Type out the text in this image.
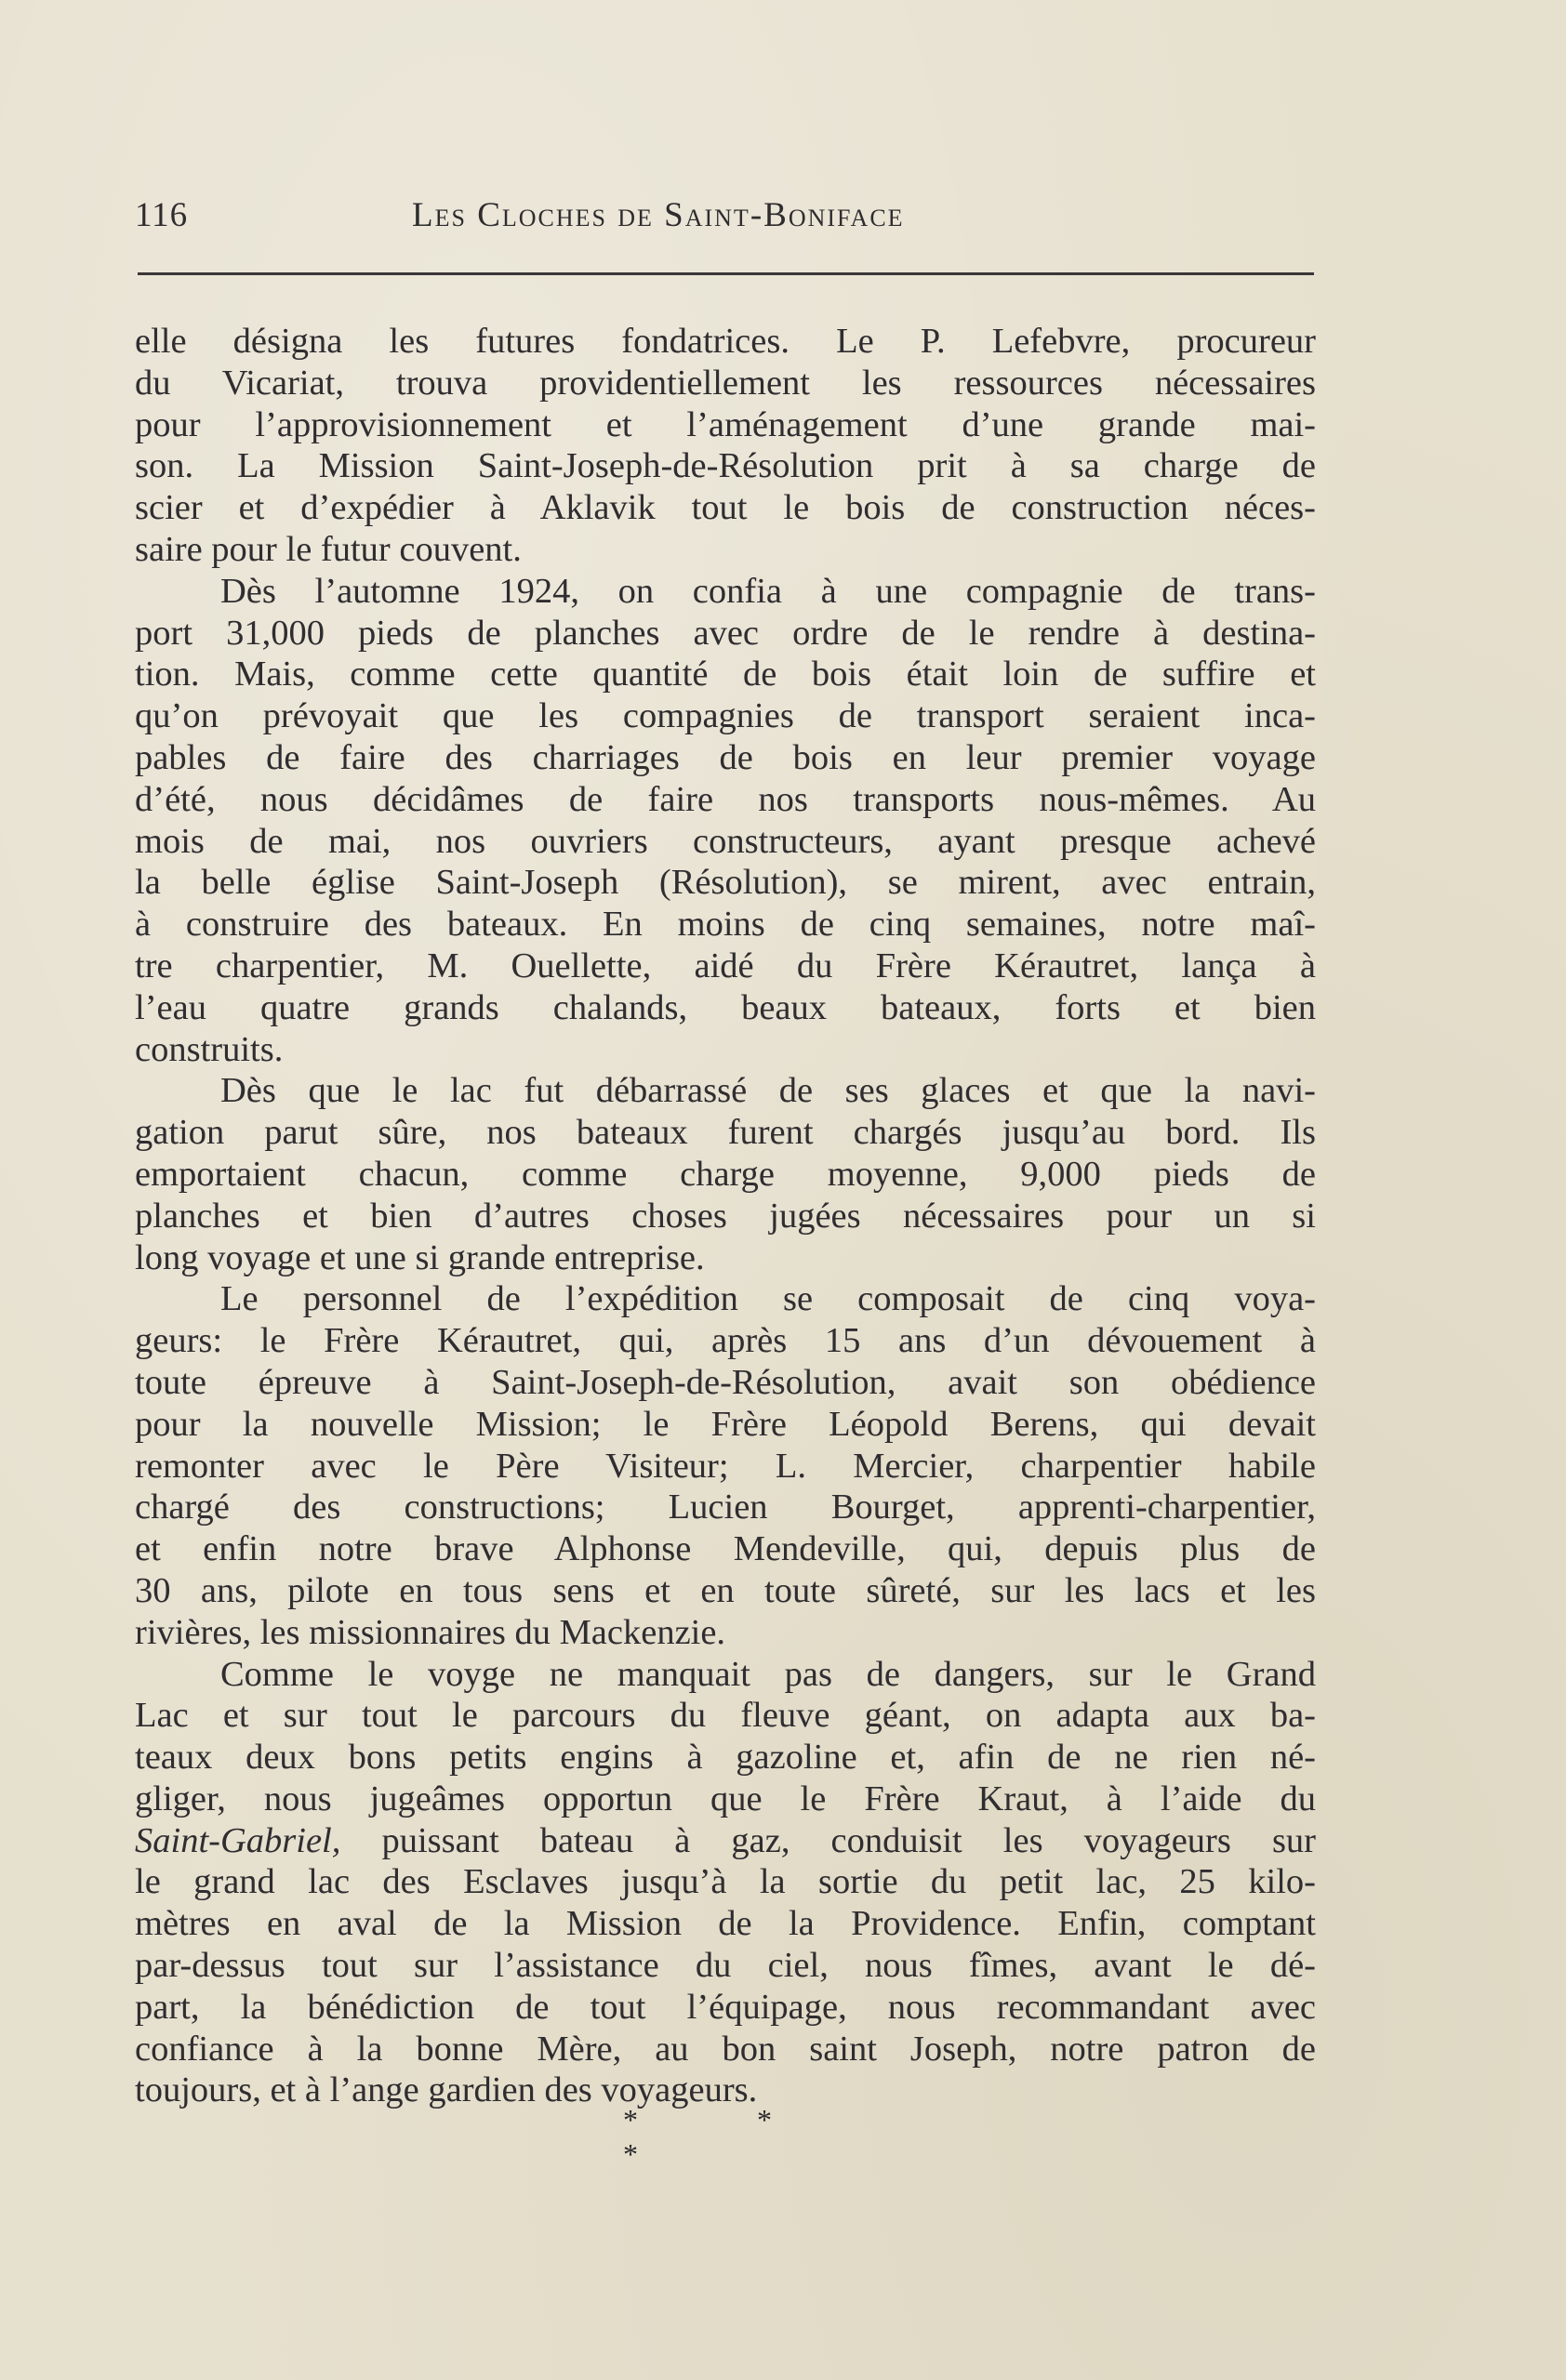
116	Les Cloches de Saint-Boniface
elle désigna les futures fondatrices. Le P. Lefebvre, procureur
du Vicariat, trouva providentiellement les ressources nécessaires
pour l’approvisionnement et l’aménagement d’une grande mai-
son. La Mission Saint-Joseph-de-Résolution prit à sa charge de
scier et d’expédier à Aklavik tout le bois de construction néces-
saire pour le futur couvent.
Dès l’automne 1924, on confia à une compagnie de trans-
port 31,000 pieds de planches avec ordre de le rendre à destina-
tion. Mais, comme cette quantité de bois était loin de suffire et
qu’on prévoyait que les compagnies de transport seraient inca-
pables de faire des charriages de bois en leur premier voyage
d’été, nous décidâmes de faire nos transports nous-mêmes. Au
mois de mai, nos ouvriers constructeurs, ayant presque achevé
la belle église Saint-Joseph (Résolution), se mirent, avec entrain,
à construire des bateaux. En moins de cinq semaines, notre maî-
tre charpentier, M. Ouellette, aidé du Frère Kérautret, lança à
l’eau quatre grands chalands, beaux bateaux, forts et bien
construits.
Dès que le lac fut débarrassé de ses glaces et que la navi-
gation parut sûre, nos bateaux furent chargés jusqu’au bord. Ils
emportaient chacun, comme charge moyenne, 9,000 pieds de
planches et bien d’autres choses jugées nécessaires pour un si
long voyage et une si grande entreprise.
Le personnel de l’expédition se composait de cinq voya-
geurs: le Frère Kérautret, qui, après 15 ans d’un dévouement à
toute épreuve à Saint-Joseph-de-Résolution, avait son obédience
pour la nouvelle Mission; le Frère Léopold Berens, qui devait
remonter avec le Père Visiteur; L. Mercier, charpentier habile
chargé des constructions; Lucien Bourget, apprenti-charpentier,
et enfin notre brave Alphonse Mendeville, qui, depuis plus de
30 ans, pilote en tous sens et en toute sûreté, sur les lacs et les
rivières, les missionnaires du Mackenzie.
Comme le voyge ne manquait pas de dangers, sur le Grand
Lac et sur tout le parcours du fleuve géant, on adapta aux ba-
teaux deux bons petits engins à gazoline et, afin de ne rien né-
gliger, nous jugeâmes opportun que le Frère Kraut, à l’aide du
Saint-Gabriel, puissant bateau à gaz, conduisit les voyageurs sur
le grand lac des Esclaves jusqu’à la sortie du petit lac, 25 kilo-
mètres en aval de la Mission de la Providence. Enfin, comptant
par-dessus tout sur l’assistance du ciel, nous fîmes, avant le dé-
part, la bénédiction de tout l’équipage, nous recommandant avec
confiance à la bonne Mère, au bon saint Joseph, notre patron de
toujours, et à l’ange gardien des voyageurs.
* * *
